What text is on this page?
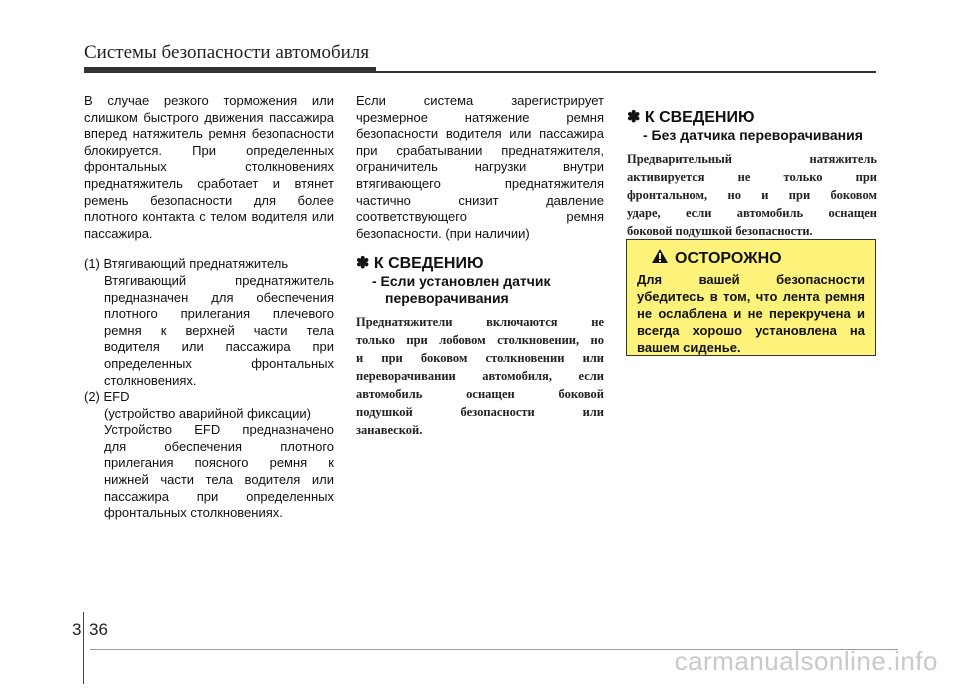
Системы безопасности автомобиля

В случае резкого торможения или

слишком быстрого движения пассажира

вперед натяжитель ремня безопасности

блокируется. При определенных

фронтальных столкновениях

преднатяжитель сработает и втянет

ремень безопасности для более

плотного контакта с телом водителя или

пассажира.

(1) Втягивающий преднатяжитель

Втягивающий преднатяжитель

предназначен для обеспечения

плотного прилегания плечевого

ремня к верхней части тела

водителя или пассажира при

определенных фронтальных

столкновениях.

(2) EFD

(устройство аварийной фиксации)

Устройство EFD предназначено

для обеспечения плотного

прилегания поясного ремня к

нижней части тела водителя или

пассажира при определенных

фронтальных столкновениях.

Если система зарегистрирует

чрезмерное натяжение ремня

безопасности водителя или пассажира

при срабатывании преднатяжителя,

ограничитель нагрузки внутри

втягивающего преднатяжителя

частично снизит давление

соответствующего ремня

безопасности. (при наличии)

✽ К СВЕДЕНИЮ

- Если установлен датчик

переворачивания

Преднатяжители включаются не

только при лобовом столкновении, но

и при боковом столкновении или

переворачивании автомобиля, если

автомобиль оснащен боковой

подушкой безопасности или

занавеской.

✽ К СВЕДЕНИЮ

- Без датчика переворачивания

Предварительный натяжитель

активируется не только при

фронтальном, но и при боковом

ударе, если автомобиль оснащен

боковой подушкой безопасности.

ОСТОРОЖНО

Для вашей безопасности

убедитесь в том, что лента ремня

не ослаблена и не перекручена и

всегда хорошо установлена на

вашем сиденье.

3 36
carmanualsonline.info
